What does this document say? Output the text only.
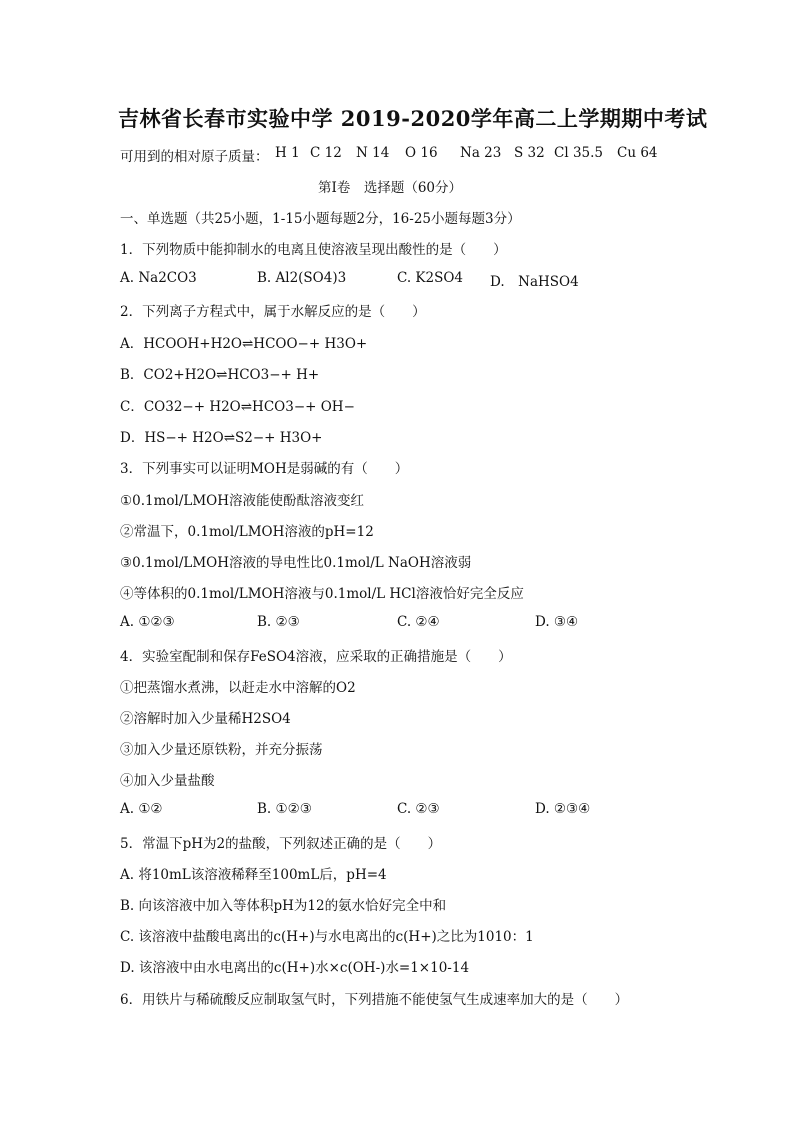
吉林省长春市实验中学 2019-2020学年高二上学期期中考试
可用到的相对原子质量： H 1 C 12 N 14 O 16 Na 23 S 32 Cl 35.5 Cu 64
第Ⅰ卷　选择题（60分）
一、单选题（共25小题，1-15小题每题2分，16-25小题每题3分）
1．下列物质中能抑制水的电离且使溶液呈现出酸性的是（　　）
A. Na2CO3	B. Al2(SO4)3	C. K2SO4 D.　NaHSO4
2．下列离子方程式中，属于水解反应的是（　　）
A．HCOOH+H2O⇌HCOO−+ H3O+
B．CO2+H2O⇌HCO3−+ H+
C．CO32−+ H2O⇌HCO3−+ OH−
D．HS−+ H2O⇌S2−+ H3O+
3．下列事实可以证明MOH是弱碱的有（　　）
①0.1mol/LMOH溶液能使酚酞溶液变红
②常温下，0.1mol/LMOH溶液的pH=12
③0.1mol/LMOH溶液的导电性比0.1mol/L NaOH溶液弱
④等体积的0.1mol/LMOH溶液与0.1mol/L HCl溶液恰好完全反应
A. ①②③	B. ②③	C. ②④	D. ③④
4．实验室配制和保存FeSO4溶液，应采取的正确措施是（　　）
①把蒸馏水煮沸，以赶走水中溶解的O2
②溶解时加入少量稀H2SO4
③加入少量还原铁粉，并充分振荡
④加入少量盐酸
A. ①②	B. ①②③	C. ②③	D. ②③④
5．常温下pH为2的盐酸，下列叙述正确的是（　　）
A. 将10mL该溶液稀释至100mL后，pH=4
B. 向该溶液中加入等体积pH为12的氨水恰好完全中和
C. 该溶液中盐酸电离出的c(H+)与水电离出的c(H+)之比为1010：1
D. 该溶液中由水电离出的c(H+)水×c(OH-)水=1×10-14
6．用铁片与稀硫酸反应制取氢气时，下列措施不能使氢气生成速率加大的是（　　）
